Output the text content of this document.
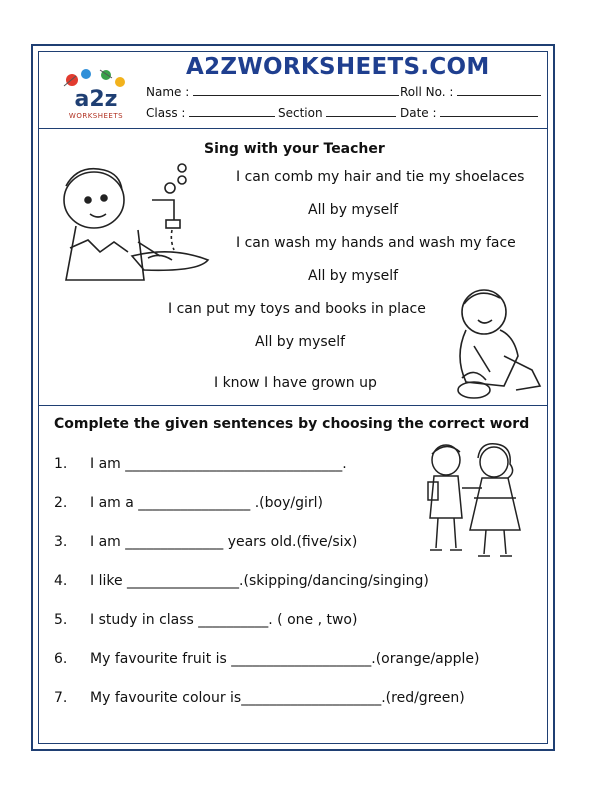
A2ZWORKSHEETS.COM
a2z
WORKSHEETS
Name :	Roll No. :
Class :	Section	Date :
Sing with your Teacher
I can comb my hair and tie my shoelaces
All by myself
I can wash my hands and wash my face
All by myself
I can put my toys and books in place
All by myself
I know I have grown up
Complete the given sentences by choosing the correct word
1. I am _______________________________.
2. I am a ________________ .(boy/girl)
3. I am ______________ years old.(five/six)
4. I like ________________.(skipping/dancing/singing)
5. I study in class __________. ( one , two)
6. My favourite fruit is ____________________.(orange/apple)
7. My favourite colour is____________________.(red/green)
